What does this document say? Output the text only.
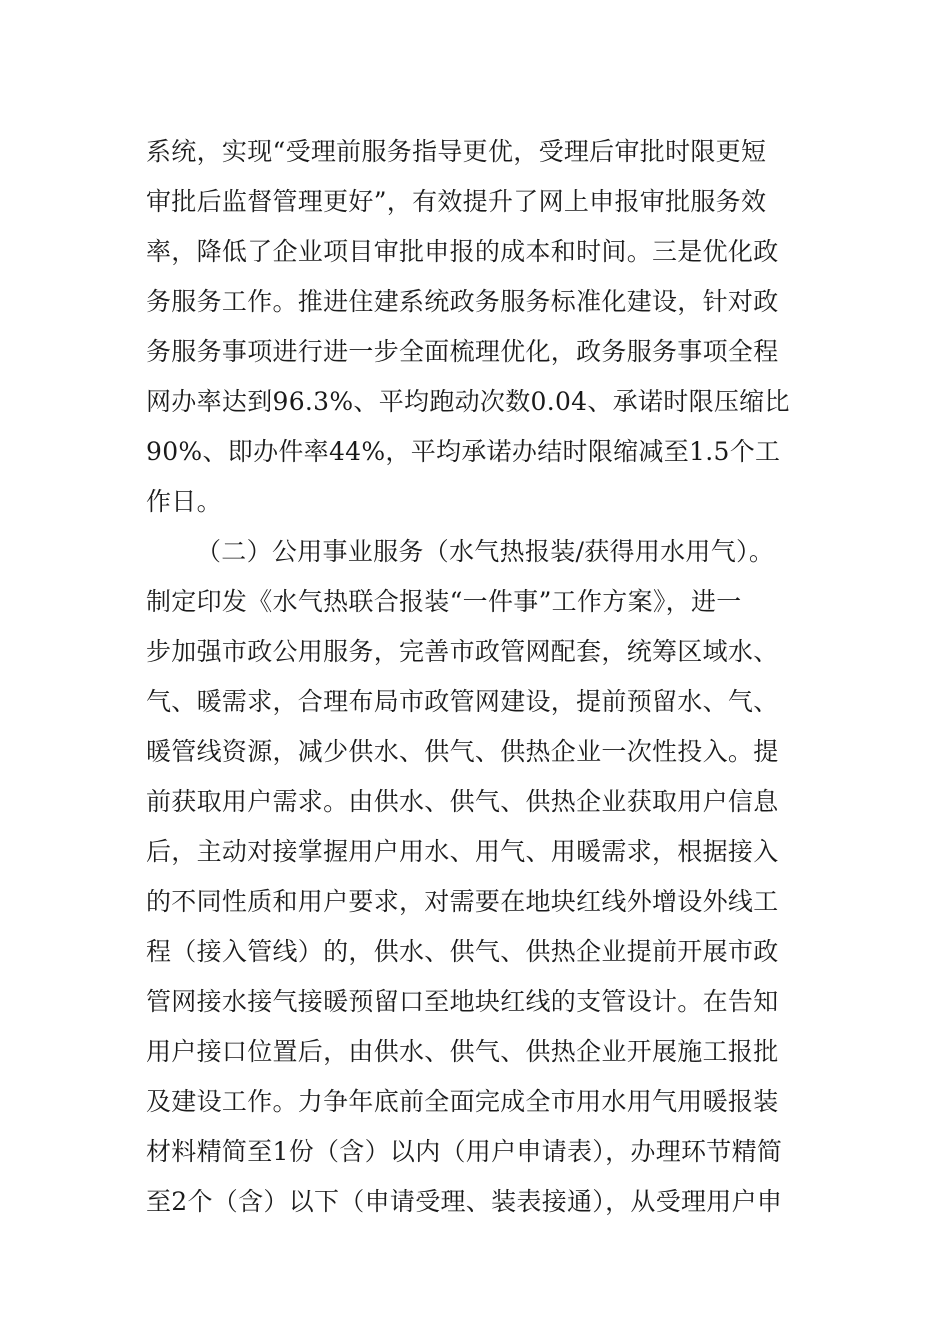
系统，实现“受理前服务指导更优，受理后审批时限更短
审批后监督管理更好”，有效提升了网上申报审批服务效
率，降低了企业项目审批申报的成本和时间。三是优化政
务服务工作。推进住建系统政务服务标准化建设，针对政
务服务事项进行进一步全面梳理优化，政务服务事项全程
网办率达到96.3%、平均跑动次数0.04、承诺时限压缩比
90%、即办件率44%，平均承诺办结时限缩减至1.5个工
作日。
（二）公用事业服务（水气热报装/获得用水用气）。
制定印发《水气热联合报装“一件事”工作方案》，进一
步加强市政公用服务，完善市政管网配套，统筹区域水、
气、暖需求，合理布局市政管网建设，提前预留水、气、
暖管线资源，减少供水、供气、供热企业一次性投入。提
前获取用户需求。由供水、供气、供热企业获取用户信息
后，主动对接掌握用户用水、用气、用暖需求，根据接入
的不同性质和用户要求，对需要在地块红线外增设外线工
程（接入管线）的，供水、供气、供热企业提前开展市政
管网接水接气接暖预留口至地块红线的支管设计。在告知
用户接口位置后，由供水、供气、供热企业开展施工报批
及建设工作。力争年底前全面完成全市用水用气用暖报装
材料精简至1份（含）以内（用户申请表），办理环节精简
至2个（含）以下（申请受理、装表接通），从受理用户申
